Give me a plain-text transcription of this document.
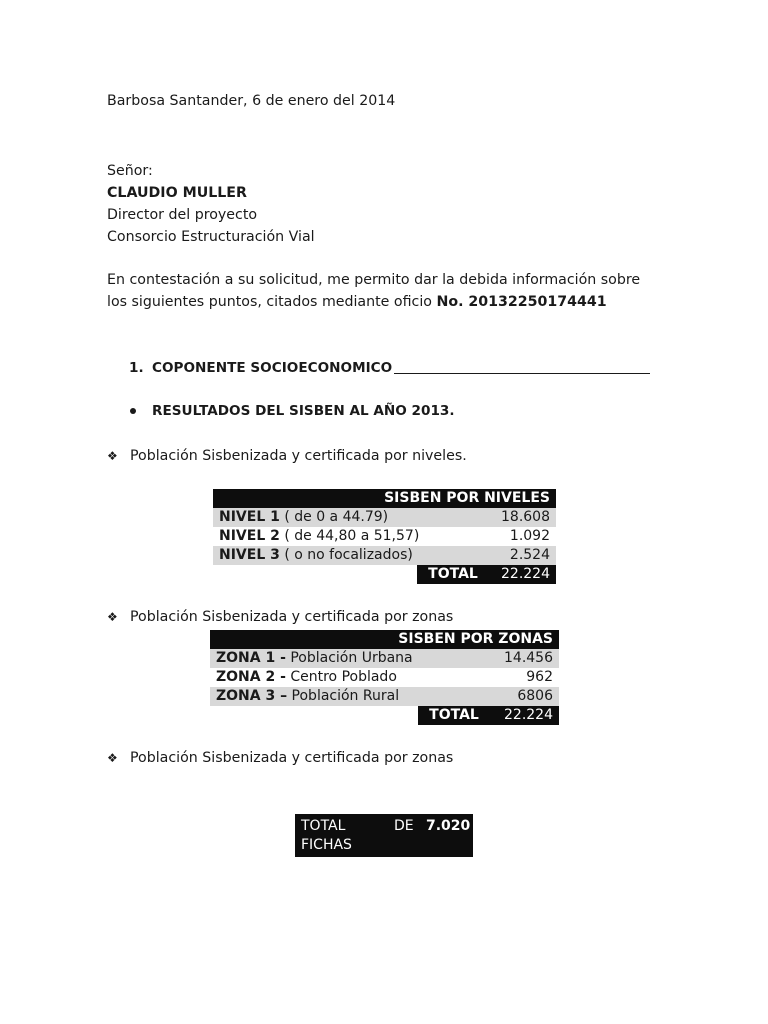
Barbosa Santander, 6 de enero del 2014
Señor:
CLAUDIO MULLER
Director del proyecto
Consorcio Estructuración Vial
En contestación a su solicitud, me permito dar la debida información sobre
los siguientes puntos, citados mediante oficio No. 20132250174441
1. COPONENTE SOCIOECONOMICO
RESULTADOS DEL SISBEN AL AÑO 2013.
❖ Población Sisbenizada y certificada por niveles.
SISBEN POR NIVELES		
NIVEL 1 ( de 0 a 44.79)		18.608
NIVEL 2 ( de 44,80 a 51,57)		1.092
NIVEL 3 ( o no focalizados)		2.524
	TOTAL	22.224
❖ Población Sisbenizada y certificada por zonas
SISBEN POR ZONAS		
ZONA 1 - Población Urbana		14.456
ZONA 2 - Centro Poblado		962
ZONA 3 – Población Rural		6806
	TOTAL	22.224
❖ Población Sisbenizada y certificada por zonas
TOTAL	DE 7.020
FICHAS
